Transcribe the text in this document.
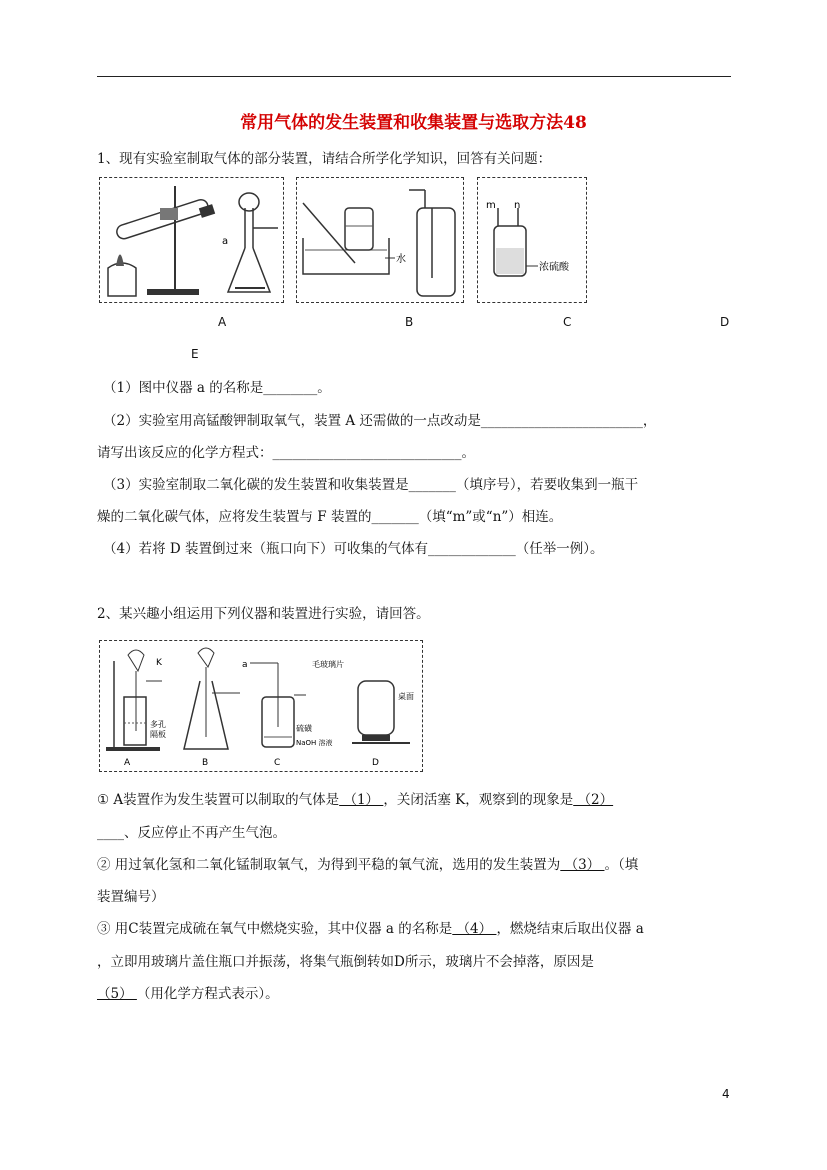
常用气体的发生装置和收集装置与选取方法48
1、现有实验室制取气体的部分装置，请结合所学化学知识，回答有关问题：
a
水
m n
浓硫酸
A	B	C	D
E
（1）图中仪器 a 的名称是________。
（2）实验室用高锰酸钾制取氧气，装置 A 还需做的一点改动是________________________，
请写出该反应的化学方程式：____________________________。
（3）实验室制取二氧化碳的发生装置和收集装置是_______（填序号），若要收集到一瓶干
燥的二氧化碳气体，应将发生装置与 F 装置的_______（填“m”或“n”）相连。
（4）若将 D 装置倒过来（瓶口向下）可收集的气体有_____________（任举一例）。
2、某兴趣小组运用下列仪器和装置进行实验，请回答。
K
多孔
隔板
A	B
a	毛玻璃片
硫磺
NaOH 溶液
C
桌面
D
① A装置作为发生装置可以制取的气体是 （1） ，关闭活塞 K，观察到的现象是 （2）
____、反应停止不再产生气泡。
② 用过氧化氢和二氧化锰制取氧气，为得到平稳的氧气流，选用的发生装置为 （3） 。（填
装置编号）
③ 用C装置完成硫在氧气中燃烧实验，其中仪器 a 的名称是 （4） ，燃烧结束后取出仪器 a
，立即用玻璃片盖住瓶口并振荡，将集气瓶倒转如D所示，玻璃片不会掉落，原因是
（5） （用化学方程式表示）。
4
